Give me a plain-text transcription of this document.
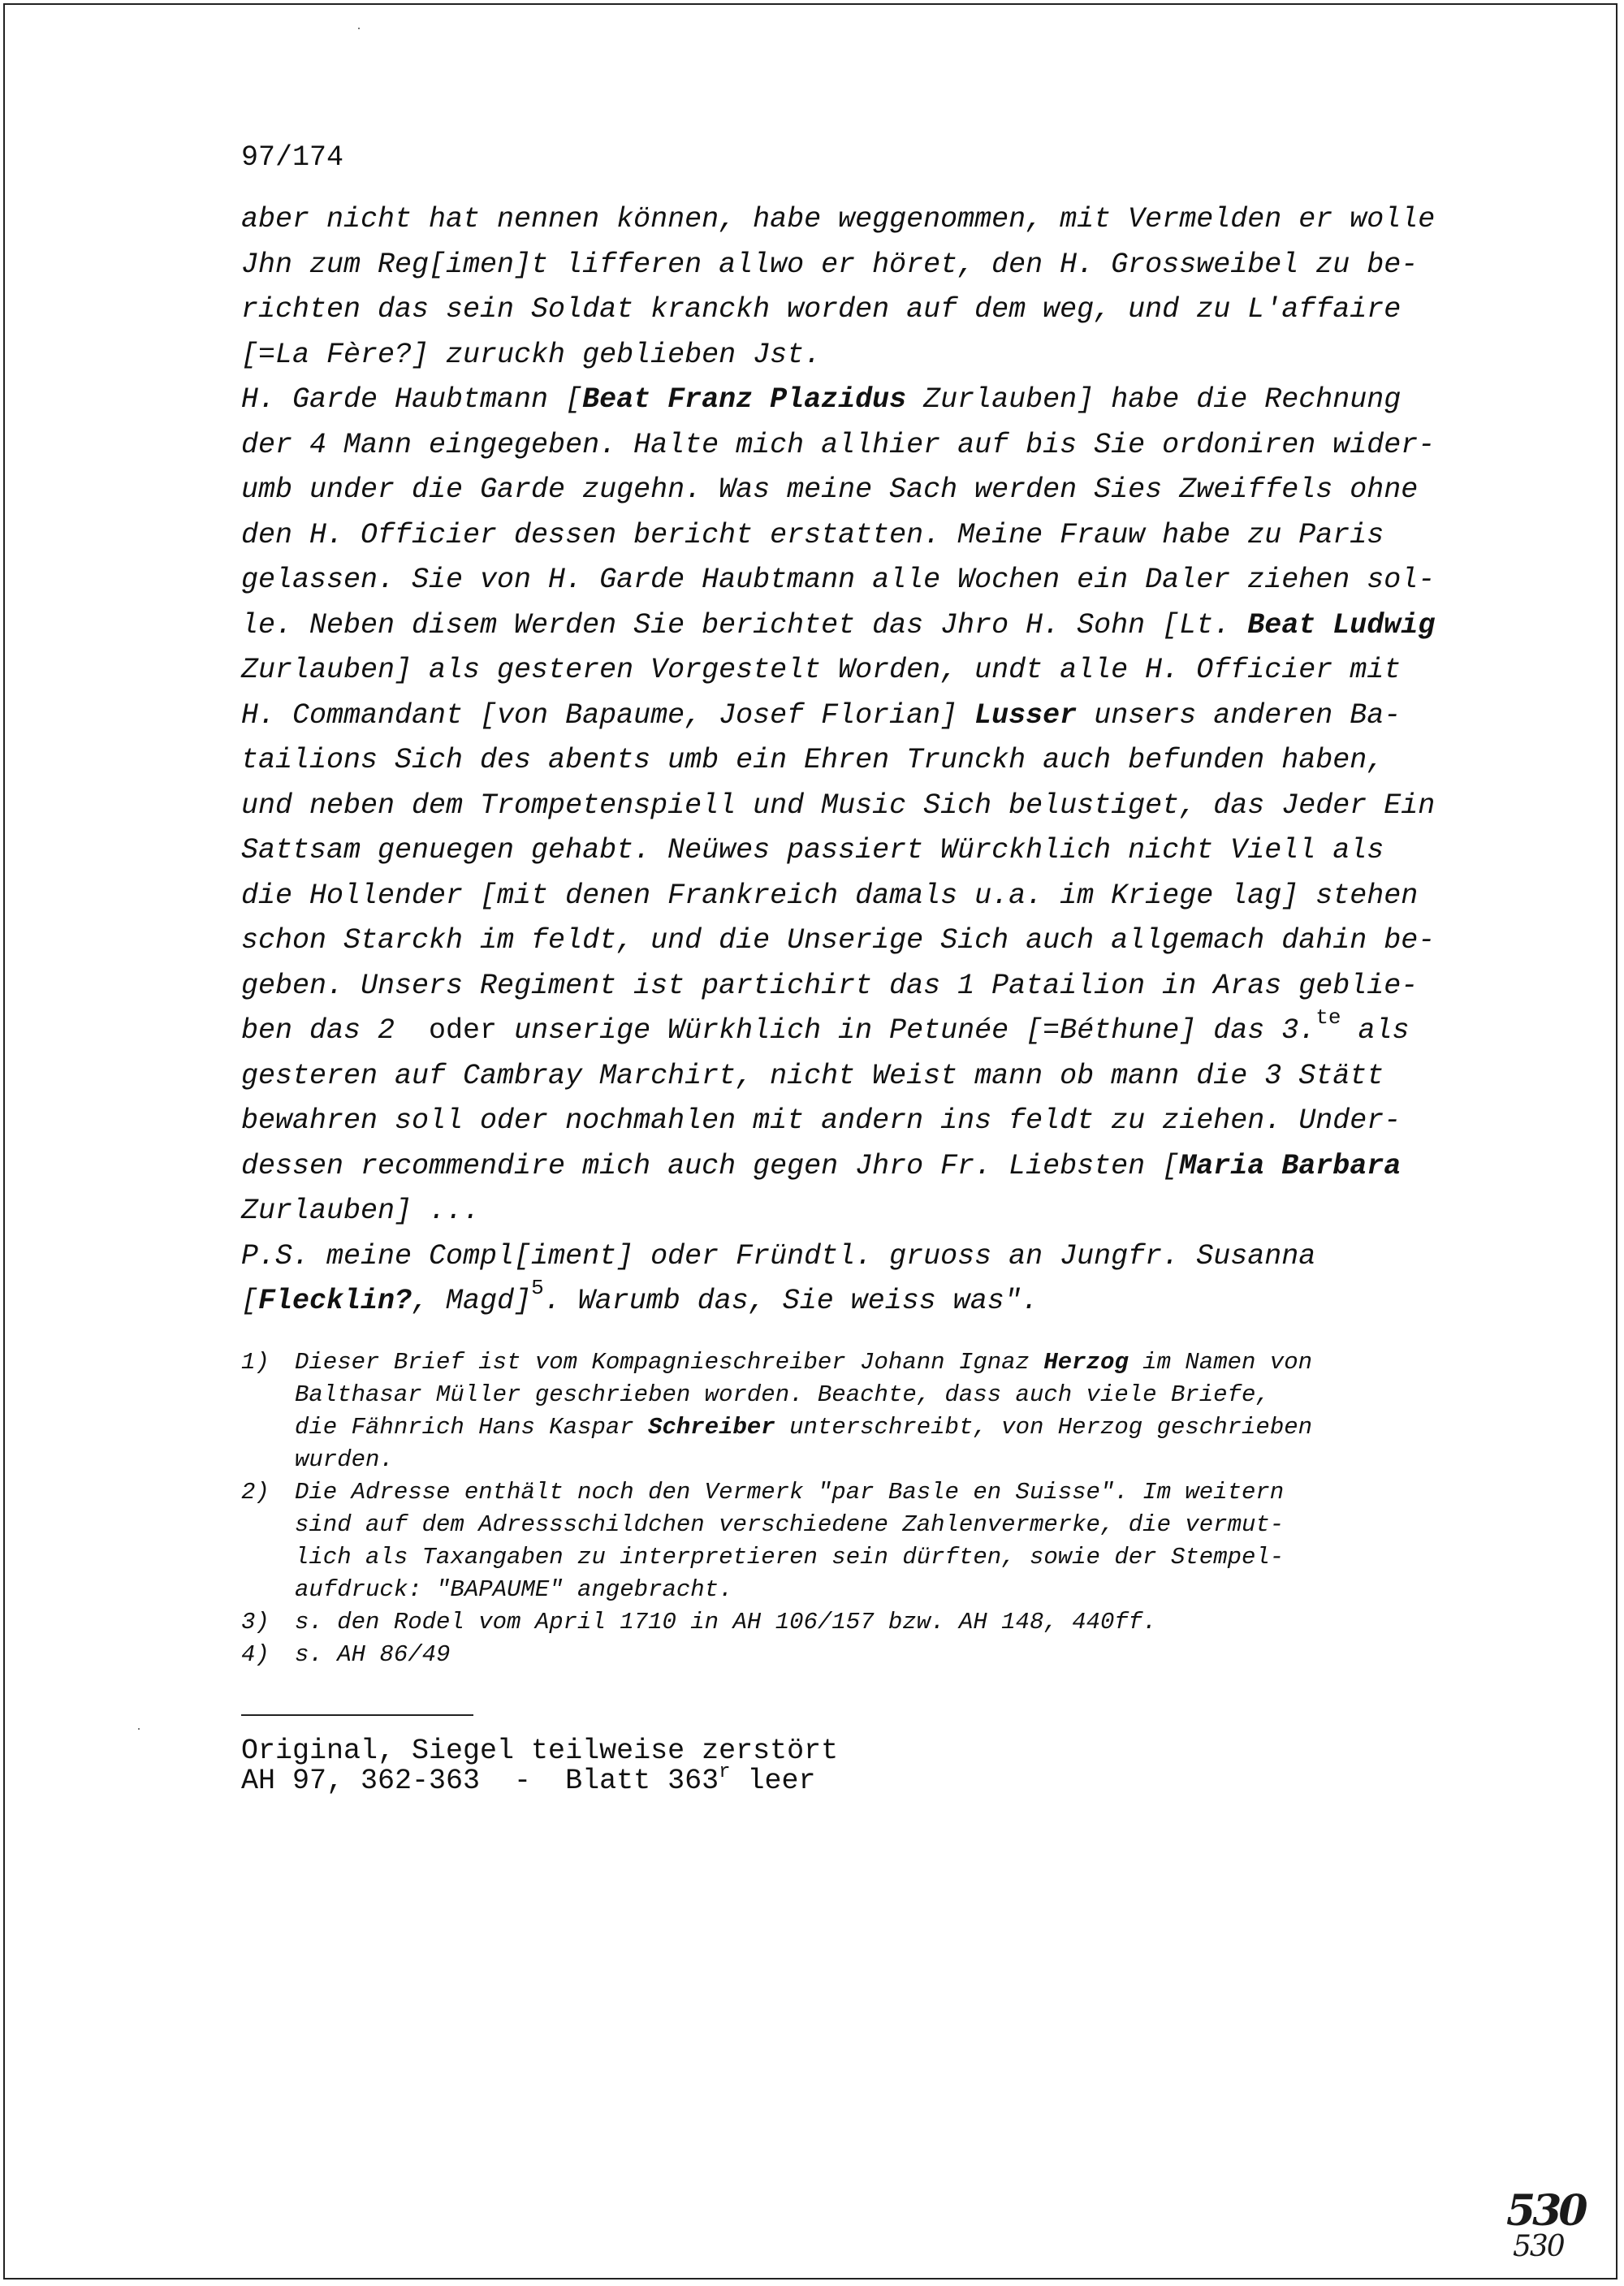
97/174
aber nicht hat nennen können, habe weggenommen, mit Vermelden er wolle
Jhn zum Reg[imen]t lifferen allwo er höret, den H. Grossweibel zu be-
richten das sein Soldat kranckh worden auf dem weg, und zu L'affaire
[=La Fère?] zuruckh geblieben Jst.
H. Garde Haubtmann [Beat Franz Plazidus Zurlauben] habe die Rechnung
der 4 Mann eingegeben. Halte mich allhier auf bis Sie ordoniren wider-
umb under die Garde zugehn. Was meine Sach werden Sies Zweiffels ohne
den H. Officier dessen bericht erstatten. Meine Frauw habe zu Paris
gelassen. Sie von H. Garde Haubtmann alle Wochen ein Daler ziehen sol-
le. Neben disem Werden Sie berichtet das Jhro H. Sohn [Lt. Beat Ludwig
Zurlauben] als gesteren Vorgestelt Worden, undt alle H. Officier mit
H. Commandant [von Bapaume, Josef Florian] Lusser unsers anderen Ba-
tailions Sich des abents umb ein Ehren Trunckh auch befunden haben,
und neben dem Trompetenspiell und Music Sich belustiget, das Jeder Ein
Sattsam genuegen gehabt. Neüwes passiert Würckhlich nicht Viell als
die Hollender [mit denen Frankreich damals u.a. im Kriege lag] stehen
schon Starckh im feldt, und die Unserige Sich auch allgemach dahin be-
geben. Unsers Regiment ist partichirt das 1 Patailion in Aras geblie-
ben das 2  oder unserige Würkhlich in Petunée [=Béthune] das 3.$^{te}$ als
gesteren auf Cambray Marchirt, nicht Weist mann ob mann die 3 Stätt
bewahren soll oder nochmahlen mit andern ins feldt zu ziehen. Under-
dessen recommendire mich auch gegen Jhro Fr. Liebsten [Maria Barbara
Zurlauben] ...
P.S. meine Compl[iment] oder Fründtl. gruoss an Jungfr. Susanna
[Flecklin?, Magd]$^5$. Warumb das, Sie weiss was".
1)	Dieser Brief ist vom Kompagnieschreiber Johann Ignaz Herzog im Namen von
Balthasar Müller geschrieben worden. Beachte, dass auch viele Briefe,
die Fähnrich Hans Kaspar Schreiber unterschreibt, von Herzog geschrieben
wurden.
2)	Die Adresse enthält noch den Vermerk "par Basle en Suisse". Im weitern
sind auf dem Adressschildchen verschiedene Zahlenvermerke, die vermut-
lich als Taxangaben zu interpretieren sein dürften, sowie der Stempel-
aufdruck: "BAPAUME" angebracht.
3)	s. den Rodel vom April 1710 in AH 106/157 bzw. AH 148, 440ff.
4)	s. AH 86/49
Original, Siegel teilweise zerstört
AH 97, 362-363  -  Blatt 363$^r$ leer
530
530
